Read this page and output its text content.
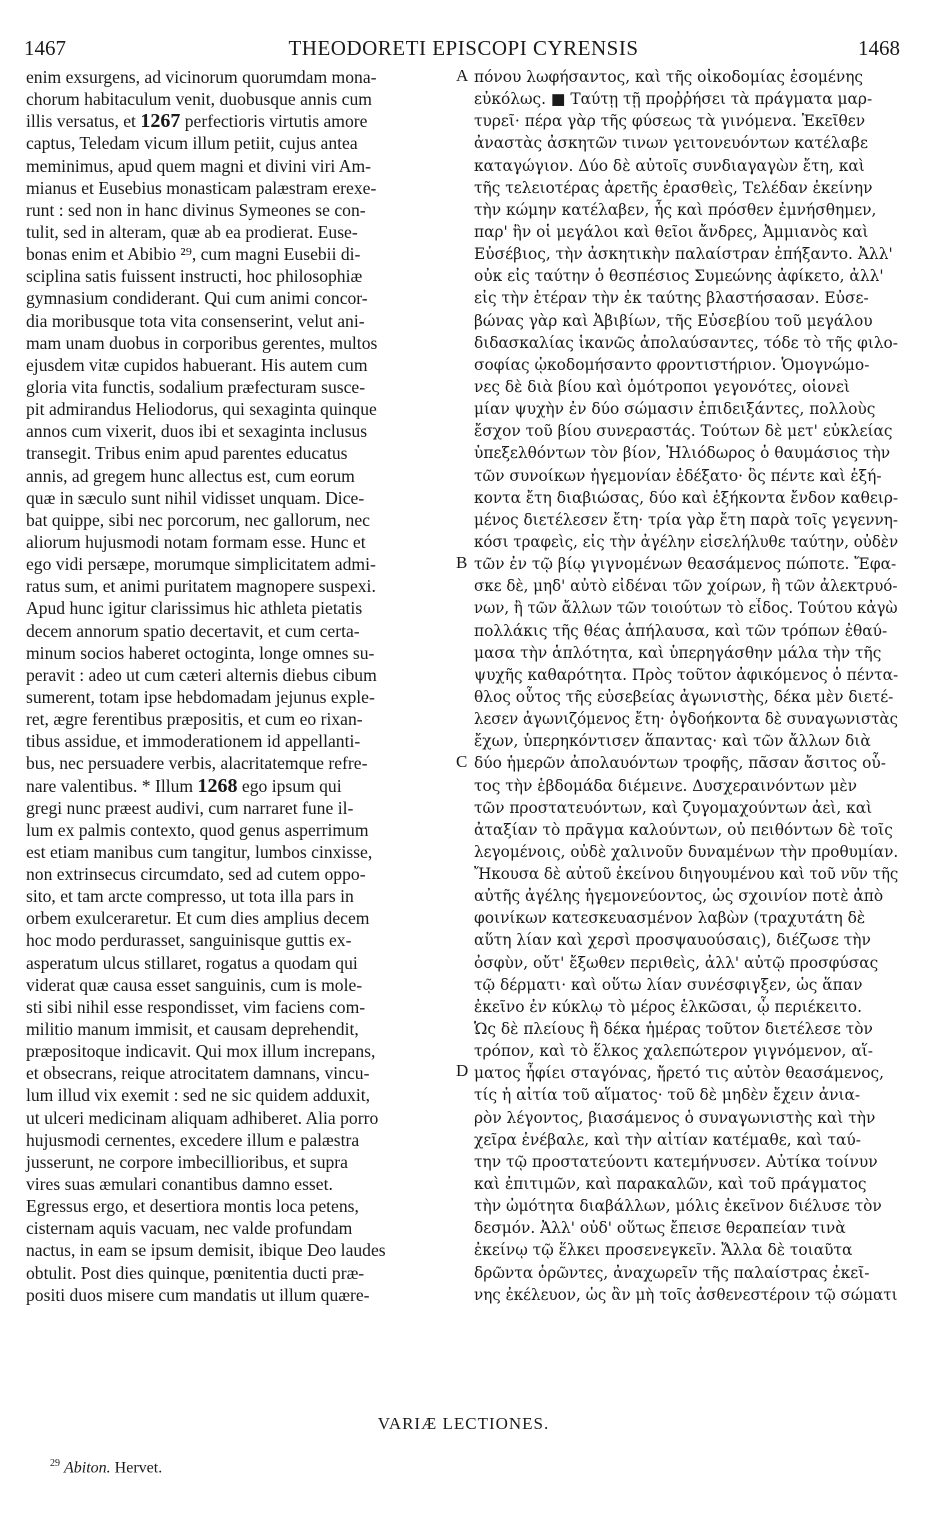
1467	THEODORETI EPISCOPI CYRENSIS	1468
enim exsurgens, ad vicinorum quorumdam mona-
chorum habitaculum venit, duobusque annis cum
illis versatus, et 1267 perfectioris virtutis amore
captus, Teledam vicum illum petiit, cujus antea
meminimus, apud quem magni et divini viri Am-
mianus et Eusebius monasticam palæstram erexe-
runt : sed non in hanc divinus Symeones se con-
tulit, sed in alteram, quæ ab ea prodierat. Euse-
bonas enim et Abibio ²⁹, cum magni Eusebii di-
sciplina satis fuissent instructi, hoc philosophiæ
gymnasium condiderant. Qui cum animi concor-
dia moribusque tota vita consenserint, velut ani-
mam unam duobus in corporibus gerentes, multos
ejusdem vitæ cupidos habuerant. His autem cum
gloria vita functis, sodalium præfecturam susce-
pit admirandus Heliodorus, qui sexaginta quinque
annos cum vixerit, duos ibi et sexaginta inclusus
transegit. Tribus enim apud parentes educatus
annis, ad gregem hunc allectus est, cum eorum
quæ in sæculo sunt nihil vidisset unquam. Dice-
bat quippe, sibi nec porcorum, nec gallorum, nec
aliorum hujusmodi notam formam esse. Hunc et
ego vidi persæpe, morumque simplicitatem admi-
ratus sum, et animi puritatem magnopere suspexi.
Apud hunc igitur clarissimus hic athleta pietatis
decem annorum spatio decertavit, et cum certa-
minum socios haberet octoginta, longe omnes su-
peravit : adeo ut cum cæteri alternis diebus cibum
sumerent, totam ipse hebdomadam jejunus exple-
ret, ægre ferentibus præpositis, et cum eo rixan-
tibus assidue, et immoderationem id appellanti-
bus, nec persuadere verbis, alacritatemque refre-
nare valentibus. * Illum 1268 ego ipsum qui
gregi nunc præest audivi, cum narraret fune il-
lum ex palmis contexto, quod genus asperrimum
est etiam manibus cum tangitur, lumbos cinxisse,
non extrinsecus circumdato, sed ad cutem oppo-
sito, et tam arcte compresso, ut tota illa pars in
orbem exulceraretur. Et cum dies amplius decem
hoc modo perdurasset, sanguinisque guttis ex-
asperatum ulcus stillaret, rogatus a quodam qui
viderat quæ causa esset sanguinis, cum is mole-
sti sibi nihil esse respondisset, vim faciens com-
militio manum immisit, et causam deprehendit,
præpositoque indicavit. Qui mox illum increpans,
et obsecrans, reique atrocitatem damnans, vincu-
lum illud vix exemit : sed ne sic quidem adduxit,
ut ulceri medicinam aliquam adhiberet. Alia porro
hujusmodi cernentes, excedere illum e palæstra
jusserunt, ne corpore imbecillioribus, et supra
vires suas æmulari conantibus damno esset.
Egressus ergo, et desertiora montis loca petens,
cisternam aquis vacuam, nec valde profundam
nactus, in eam se ipsum demisit, ibique Deo laudes
obtulit. Post dies quinque, pœnitentia ducti præ-
positi duos misere cum mandatis ut illum quære-
A
B
C
D
πόνου λωφήσαντος, καὶ τῆς οἰκοδομίας ἐσομένης
εὐκόλως. ■ Ταύτῃ τῇ προῤῥήσει τὰ πράγματα μαρ-
τυρεῖ· πέρα γὰρ τῆς φύσεως τὰ γινόμενα. Ἐκεῖθεν
ἀναστὰς ἀσκητῶν τινων γειτονευόντων κατέλαβε
καταγώγιον. Δύο δὲ αὐτοῖς συνδιαγαγὼν ἔτη, καὶ
τῆς τελειοτέρας ἀρετῆς ἐρασθεὶς, Τελέδαν ἐκείνην
τὴν κώμην κατέλαβεν, ἧς καὶ πρόσθεν ἐμνήσθημεν,
παρ' ἣν οἱ μεγάλοι καὶ θεῖοι ἄνδρες, Ἀμμιανὸς καὶ
Εὐσέβιος, τὴν ἀσκητικὴν παλαίστραν ἐπήξαντο. Ἀλλ'
οὐκ εἰς ταύτην ὁ θεσπέσιος Συμεώνης ἀφίκετο, ἀλλ'
εἰς τὴν ἑτέραν τὴν ἐκ ταύτης βλαστήσασαν. Εὐσε-
βώνας γὰρ καὶ Ἀβιβίων, τῆς Εὐσεβίου τοῦ μεγάλου
διδασκαλίας ἱκανῶς ἀπολαύσαντες, τόδε τὸ τῆς φιλο-
σοφίας ᾠκοδομήσαντο φροντιστήριον. Ὁμογνώμο-
νες δὲ διὰ βίου καὶ ὁμότροποι γεγονότες, οἱονεὶ
μίαν ψυχὴν ἐν δύο σώμασιν ἐπιδειξάντες, πολλοὺς
ἔσχον τοῦ βίου συνεραστάς. Τούτων δὲ μετ' εὐκλείας
ὑπεξελθόντων τὸν βίον, Ἡλιόδωρος ὁ θαυμάσιος τὴν
τῶν συνοίκων ἡγεμονίαν ἐδέξατο· ὃς πέντε καὶ ἑξή-
κοντα ἔτη διαβιώσας, δύο καὶ ἑξήκοντα ἔνδον καθειρ-
μένος διετέλεσεν ἔτη· τρία γὰρ ἔτη παρὰ τοῖς γεγεννη-
κόσι τραφεὶς, εἰς τὴν ἀγέλην εἰσελήλυθε ταύτην, οὐδὲν
τῶν ἐν τῷ βίῳ γιγνομένων θεασάμενος πώποτε. Ἔφα-
σκε δὲ, μηδ' αὐτὸ εἰδέναι τῶν χοίρων, ἢ τῶν ἀλεκτρυό-
νων, ἢ τῶν ἄλλων τῶν τοιούτων τὸ εἶδος. Τούτου κἀγὼ
πολλάκις τῆς θέας ἀπήλαυσα, καὶ τῶν τρόπων ἐθαύ-
μασα τὴν ἁπλότητα, καὶ ὑπερηγάσθην μάλα τὴν τῆς
ψυχῆς καθαρότητα. Πρὸς τοῦτον ἀφικόμενος ὁ πέντα-
θλος οὗτος τῆς εὐσεβείας ἀγωνιστὴς, δέκα μὲν διετέ-
λεσεν ἀγωνιζόμενος ἔτη· ὀγδοήκοντα δὲ συναγωνιστὰς
ἔχων, ὑπερηκόντισεν ἅπαντας· καὶ τῶν ἄλλων διὰ
δύο ἡμερῶν ἀπολαυόντων τροφῆς, πᾶσαν ἄσιτος οὗ-
τος τὴν ἑβδομάδα διέμεινε. Δυσχεραινόντων μὲν
τῶν προστατευόντων, καὶ ζυγομαχούντων ἀεὶ, καὶ
ἀταξίαν τὸ πρᾶγμα καλούντων, οὐ πειθόντων δὲ τοῖς
λεγομένοις, οὐδὲ χαλινοῦν δυναμένων τὴν προθυμίαν.
Ἤκουσα δὲ αὐτοῦ ἐκείνου διηγουμένου καὶ τοῦ νῦν τῆς
αὐτῆς ἀγέλης ἡγεμονεύοντος, ὡς σχοινίον ποτὲ ἀπὸ
φοινίκων κατεσκευασμένον λαβὼν (τραχυτάτη δὲ
αὕτη λίαν καὶ χερσὶ προσψαυούσαις), διέζωσε τὴν
ὀσφὺν, οὔτ' ἔξωθεν περιθεὶς, ἀλλ' αὐτῷ προσφύσας
τῷ δέρματι· καὶ οὕτω λίαν συνέσφιγξεν, ὡς ἅπαν
ἐκεῖνο ἐν κύκλῳ τὸ μέρος ἑλκῶσαι, ᾧ περιέκειτο.
Ὡς δὲ πλείους ἢ δέκα ἡμέρας τοῦτον διετέλεσε τὸν
τρόπον, καὶ τὸ ἕλκος χαλεπώτερον γιγνόμενον, αἵ-
ματος ἧφίει σταγόνας, ἤρετό τις αὐτὸν θεασάμενος,
τίς ἡ αἰτία τοῦ αἵματος· τοῦ δὲ μηδὲν ἔχειν ἀνια-
ρὸν λέγοντος, βιασάμενος ὁ συναγωνιστὴς καὶ τὴν
χεῖρα ἐνέβαλε, καὶ τὴν αἰτίαν κατέμαθε, καὶ ταύ-
την τῷ προστατεύοντι κατεμήνυσεν. Αὐτίκα τοίνυν
καὶ ἐπιτιμῶν, καὶ παρακαλῶν, καὶ τοῦ πράγματος
τὴν ὠμότητα διαβάλλων, μόλις ἐκεῖνον διέλυσε τὸν
δεσμόν. Ἀλλ' οὐδ' οὕτως ἔπεισε θεραπείαν τινὰ
ἐκείνῳ τῷ ἕλκει προσενεγκεῖν. Ἄλλα δὲ τοιαῦτα
δρῶντα ὁρῶντες, ἀναχωρεῖν τῆς παλαίστρας ἐκεῖ-
νης ἐκέλευον, ὡς ἂν μὴ τοῖς ἀσθενεστέροιν τῷ σώματι
VARIÆ LECTIONES.
$^{29}$ Abiton. Hervet.
